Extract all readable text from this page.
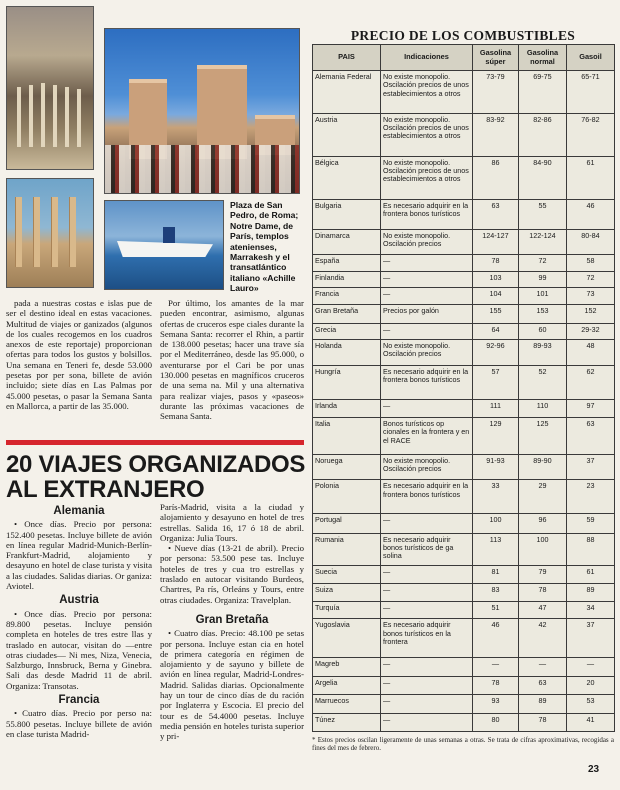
Plaza de San Pedro, de Roma; Notre Dame, de París, templos atenienses, Marrakesh y el transatlántico italiano «Achille Lauro»

pada a nuestras costas e islas pue de ser el destino ideal en estas vacaciones. Multitud de viajes or ganizados (algunos de los cuales recogemos en los cuadros anexos de este reportaje) proporcionan ofertas para todos los gustos y bolsillos. Una semana en Teneri fe, desde 53.000 pesetas por per sona, billete de avión incluido; siete días en Las Palmas por 45.000 pesetas, o pasar la Semana Santa en Mallorca, a partir de las 35.000.

Por último, los amantes de la mar pueden encontrar, asimismo, algunas ofertas de cruceros espe ciales durante la Semana Santa: recorrer el Rhin, a partir de 138.000 pesetas; hacer una trave sía por el Mediterráneo, desde las 95.000, o aventurarse por el Cari be por unas 130.000 pesetas en magníficos cruceros de una sema na. Mil y una alternativa para realizar viajes, pasos y «paseos» durante las próximas vacaciones de Semana Santa.

20 VIAJES ORGANIZADOS AL EXTRANJERO
Alemania

• Once días. Precio por persona: 152.400 pesetas. Incluye billete de avión en línea regular Madrid-Munich-Berlín-Frankfurt-Madrid, alojamiento y desayuno en hotel de clase turista y visita a las ciudades. Salidas diarias. Or ganiza: Aviotel.

Austria

• Once días. Precio por persona: 89.800 pesetas. Incluye pensión completa en hoteles de tres estre llas y traslado en autocar, visitan do —entre otras ciudades— Ni mes, Niza, Venecia, Salzburgo, Innsbruck, Berna y Ginebra. Sali das desde Madrid 11 de abril. Organiza: Transotas.

Francia

• Cuatro días. Precio por perso na: 55.800 pesetas. Incluye billete de avión en clase turista Madrid-

París-Madrid, visita a la ciudad y alojamiento y desayuno en hotel de tres estrellas. Salida 16, 17 ó 18 de abril. Organiza: Julia Tours.

• Nueve días (13-21 de abril). Precio por persona: 53.500 pese tas. Incluye hoteles de tres y cua tro estrellas y traslado en autocar visitando Burdeos, Chartres, Pa rís, Orleáns y Tours, entre otras ciudades. Organiza: Travelplan.

Gran Bretaña

• Cuatro días. Precio: 48.100 pe setas por persona. Incluye estan cia en hotel de primera categoría en régimen de alojamiento y de sayuno y billete de avión en línea regular, Madrid-Londres-Madrid. Salidas diarias. Opcionalmente hay un tour de cinco días de du ración por Inglaterra y Escocia. El precio del tour es de 54.4000 pesetas. Incluye media pensión en hoteles turista superior y pri-

PRECIO DE LOS COMBUSTIBLES
PAIS	Indicaciones	Gasolina súper	Gasolina normal	Gasoil
Alemania Federal	No existe monopolio. Oscilación precios de unos establecimientos a otros	73-79	69-75	65-71
Austria	No existe monopolio. Oscilación precios de unos establecimientos a otros	83-92	82-86	76-82
Bélgica	No existe monopolio. Oscilación precios de unos establecimientos a otros	86	84-90	61
Bulgaria	Es necesario adquirir en la frontera bonos turísticos	63	55	46
Dinamarca	No existe monopolio. Oscilación precios	124-127	122-124	80-84
España	—	78	72	58
Finlandia	—	103	99	72
Francia	—	104	101	73
Gran Bretaña	Precios por galón	155	153	152
Grecia	—	64	60	29-32
Holanda	No existe monopolio. Oscilación precios	92-96	89-93	48
Hungría	Es necesario adquirir en la frontera bonos turísticos	57	52	62
Irlanda	—	111	110	97
Italia	Bonos turísticos op cionales en la frontera y en el RACE	129	125	63
Noruega	No existe monopolio. Oscilación precios	91-93	89-90	37
Polonia	Es necesario adquirir en la frontera bonos turísticos	33	29	23
Portugal	—	100	96	59
Rumania	Es necesario adquirir bonos turísticos de ga solina	113	100	88
Suecia	—	81	79	61
Suiza	—	83	78	89
Turquía	—	51	47	34
Yugoslavia	Es necesario adquirir bonos turísticos en la frontera	46	42	37
Magreb	—	—	—	—
Argelia	—	78	63	20
Marruecos	—	93	89	53
Túnez	—	80	78	41
* Estos precios oscilan ligeramente de unas semanas a otras. Se trata de cifras aproximativas, recogidas a fines del mes de febrero.
23
